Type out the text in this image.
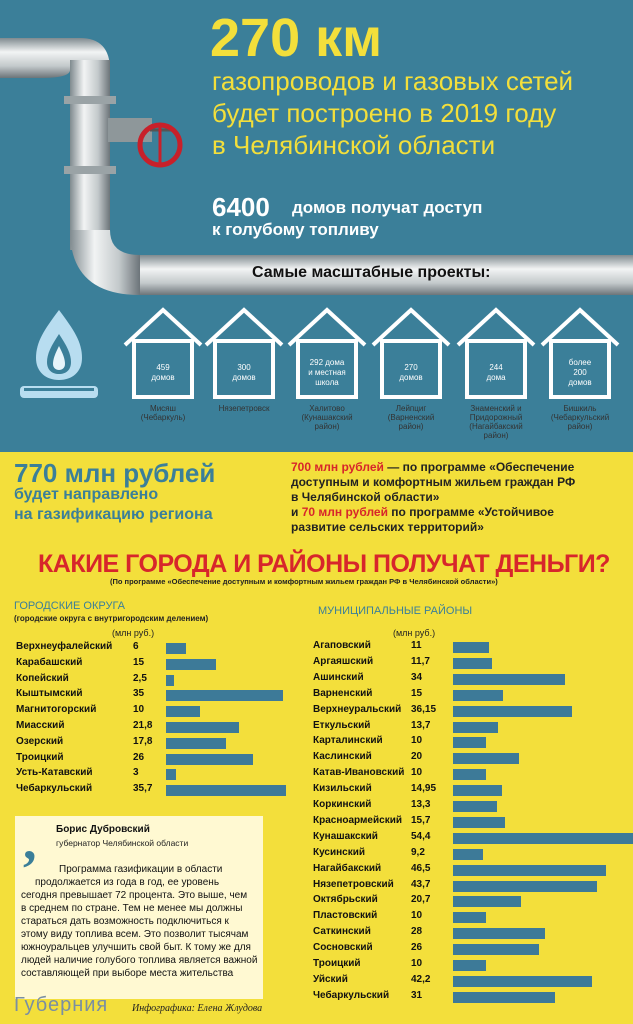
270 км
газопроводов и газовых сетей
будет построено в 2019 году
в Челябинской области
6400 домов получат доступ
к голубому топливу
Самые масштабные проекты:
459
домов
Мисяш
(Чебаркуль)
300
домов
Нязепетровск
292 дома
и местная
школа
Халитово
(Кунашакский
район)
270
домов
Лейпциг
(Варненский
район)
244
дома
Знаменский и
Придорожный
(Нагайбакский
район)
более
200
домов
Бишкиль
(Чебаркульский
район)
770 млн рублей
будет направлено
на газификацию региона
700 млн рублей — по программе «Обеспечение
доступным и комфортным жильем граждан РФ
в Челябинской области»
и 70 млн рублей по программе «Устойчивое
развитие сельских территорий»
КАКИЕ ГОРОДА И РАЙОНЫ ПОЛУЧАТ ДЕНЬГИ?
(По программе «Обеспечение доступным и комфортным жильем граждан РФ в Челябинской области»)
ГОРОДСКИЕ ОКРУГА
(городские округа с внутригородским делением)
(млн руб.)
МУНИЦИПАЛЬНЫЕ РАЙОНЫ
(млн руб.)
Верхнеуфалейский 6
Карабашский	15
Копейский	2,5
Кыштымский	35
Магнитогорский	10
Миасский	21,8
Озерский	17,8
Троицкий	26
Усть-Катавский	3
Чебаркульский	35,7
Агаповский	11
Аргаяшский	11,7
Ашинский	34
Варненский	15
Верхнеуральский 36,15
Еткульский	13,7
Карталинский	10
Каслинский	20
Катав-Ивановский 10
Кизильский	14,95
Коркинский	13,3
Красноармейский 15,7
Кунашакский	54,4
Кусинский	9,2
Нагайбакский	46,5
Нязепетровский 43,7
Октябрьский	20,7
Пластовский	10
Саткинский	28
Сосновский	26
Троицкий	10
Уйский	42,2
Чебаркульский 31
, Борис Дубровский
губернатор Челябинской области
Программа газификации в области
продолжается из года в год, ее уровень
сегодня превышает 72 процента. Это выше, чем
в среднем по стране. Тем не менее мы должны
стараться дать возможность подключиться к
этому виду топлива всем. Это позволит тысячам
южноуральцев улучшить свой быт. К тому же для
людей наличие голубого топлива является важной
составляющей при выборе места жительства
Губерния Инфографика: Елена Жлудова
